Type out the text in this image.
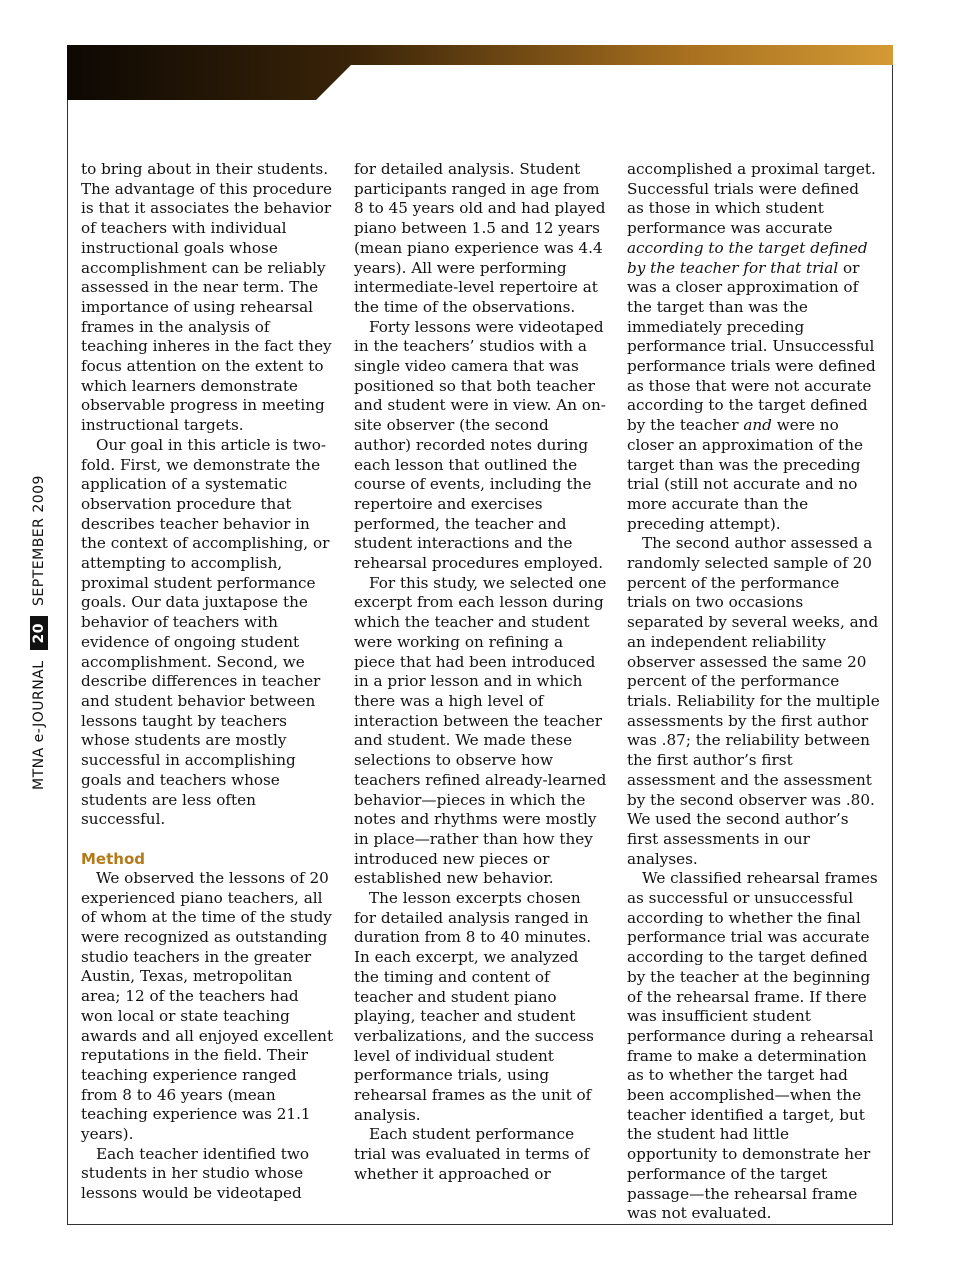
MTNA e-JOURNAL
20
SEPTEMBER 2009

to bring about in their students. The advantage of this procedure is that it associates the behavior of teachers with individual instructional goals whose accomplishment can be reliably assessed in the near term. The importance of using rehearsal frames in the analysis of teaching inheres in the fact they focus attention on the extent to which learners demonstrate observable progress in meeting instructional targets.

Our goal in this article is two-fold. First, we demonstrate the application of a systematic observation procedure that describes teacher behavior in the context of accomplishing, or attempting to accomplish, proximal student performance goals. Our data juxtapose the behavior of teachers with evidence of ongoing student accomplishment. Second, we describe differences in teacher and student behavior between lessons taught by teachers whose students are mostly successful in accomplishing goals and teachers whose students are less often successful.

Method

We observed the lessons of 20 experienced piano teachers, all of whom at the time of the study were recognized as outstanding studio teachers in the greater Austin, Texas, metropolitan area; 12 of the teachers had won local or state teaching awards and all enjoyed excellent reputations in the field. Their teaching experience ranged from 8 to 46 years (mean teaching experience was 21.1 years).

Each teacher identified two students in her studio whose lessons would be videotaped

for detailed analysis. Student participants ranged in age from 8 to 45 years old and had played piano between 1.5 and 12 years (mean piano experience was 4.4 years). All were performing intermediate-level repertoire at the time of the observations.

Forty lessons were videotaped in the teachers’ studios with a single video camera that was positioned so that both teacher and student were in view. An on-site observer (the second author) recorded notes during each lesson that outlined the course of events, including the repertoire and exercises performed, the teacher and student interactions and the rehearsal procedures employed.

For this study, we selected one excerpt from each lesson during which the teacher and student were working on refining a piece that had been introduced in a prior lesson and in which there was a high level of interaction between the teacher and student. We made these selections to observe how teachers refined already-learned behavior—pieces in which the notes and rhythms were mostly in place—rather than how they introduced new pieces or established new behavior.

The lesson excerpts chosen for detailed analysis ranged in duration from 8 to 40 minutes. In each excerpt, we analyzed the timing and content of teacher and student piano playing, teacher and student verbalizations, and the success level of individual student performance trials, using rehearsal frames as the unit of analysis.

Each student performance trial was evaluated in terms of whether it approached or

accomplished a proximal target. Successful trials were defined as those in which student performance was accurate according to the target defined by the teacher for that trial or was a closer approximation of the target than was the immediately preceding performance trial. Unsuccessful performance trials were defined as those that were not accurate according to the target defined by the teacher and were no closer an approximation of the target than was the preceding trial (still not accurate and no more accurate than the preceding attempt).

The second author assessed a randomly selected sample of 20 percent of the performance trials on two occasions separated by several weeks, and an independent reliability observer assessed the same 20 percent of the performance trials. Reliability for the multiple assessments by the first author was .87; the reliability between the first author’s first assessment and the assessment by the second observer was .80. We used the second author’s first assessments in our analyses.

We classified rehearsal frames as successful or unsuccessful according to whether the final performance trial was accurate according to the target defined by the teacher at the beginning of the rehearsal frame. If there was insufficient student performance during a rehearsal frame to make a determination as to whether the target had been accomplished—when the teacher identified a target, but the student had little opportunity to demonstrate her performance of the target passage—the rehearsal frame was not evaluated.
